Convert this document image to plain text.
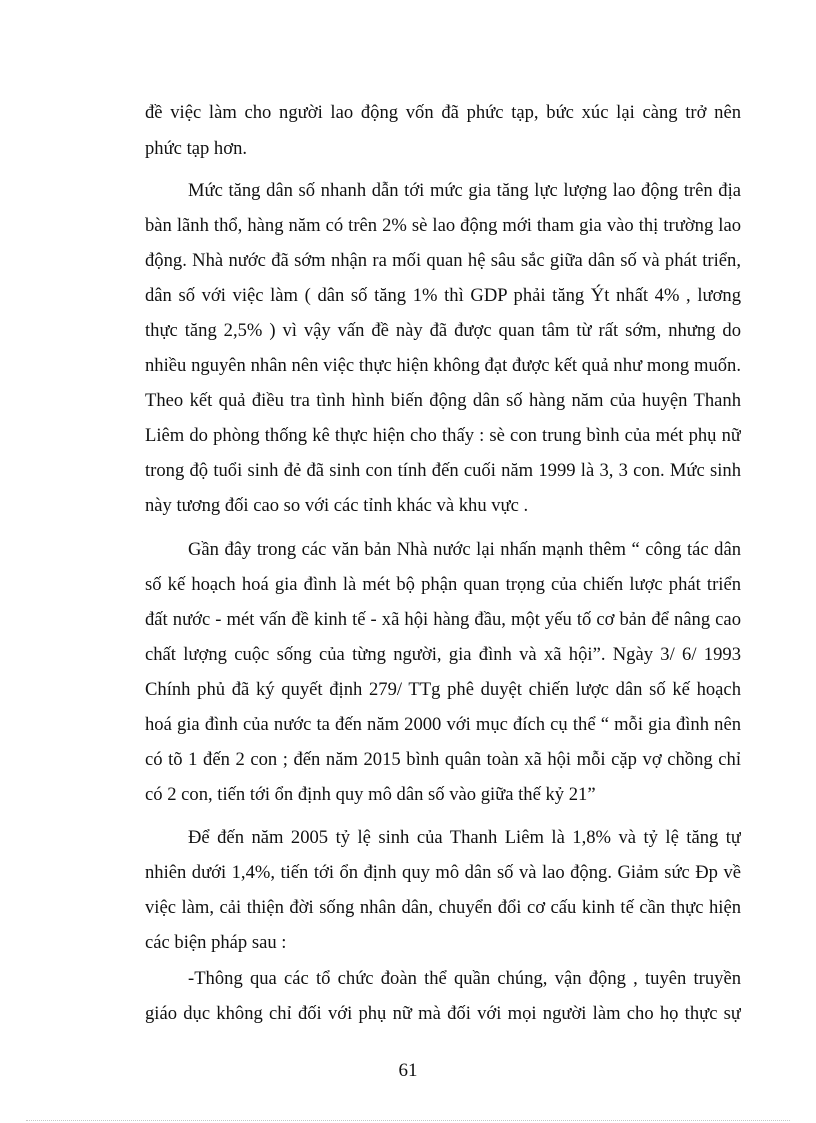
đề việc làm cho người lao động vốn đã phức tạp, bức xúc lại càng trở nên
phức tạp hơn.
Mức tăng dân số nhanh dẫn tới mức gia tăng lực lượng lao động trên địa
bàn lãnh thổ, hàng năm có trên 2% sè lao động mới tham gia vào thị trường lao
động. Nhà nước đã sớm nhận ra mối quan hệ sâu sắc giữa dân số và phát triển,
dân số với việc làm ( dân số tăng 1% thì GDP phải tăng Ýt nhất 4% , lương
thực tăng 2,5% ) vì vậy vấn đề này đã được quan tâm từ rất sớm, nhưng do
nhiều nguyên nhân nên việc thực hiện không đạt được kết quả như mong muốn.
Theo kết quả điều tra tình hình biến động dân số hàng năm của huyện Thanh
Liêm do phòng thống kê thực hiện cho thấy : sè con trung bình của mét phụ nữ
trong độ tuổi sinh đẻ đã sinh con tính đến cuối năm 1999 là 3, 3 con. Mức sinh
này tương đối cao so với các tỉnh khác và khu vực .
Gần đây trong các văn bản Nhà nước lại nhấn mạnh thêm “ công tác dân
số kế hoạch hoá gia đình là mét bộ phận quan trọng của chiến lược phát triển
đất nước - mét vấn đề kinh tế - xã hội hàng đầu, một yếu tố cơ bản để nâng cao
chất lượng cuộc sống của từng người, gia đình và xã hội”. Ngày 3/ 6/ 1993
Chính phủ đã ký quyết định 279/ TTg phê duyệt chiến lược dân số kế hoạch
hoá gia đình của nước ta đến năm 2000 với mục đích cụ thể “ mỗi gia đình nên
có tõ 1 đến 2 con ; đến năm 2015 bình quân toàn xã hội mỗi cặp vợ chồng chỉ
có 2 con, tiến tới ổn định quy mô dân số vào giữa thế kỷ 21”
Để đến năm 2005 tỷ lệ sinh của Thanh Liêm là 1,8% và tỷ lệ tăng tự
nhiên dưới 1,4%, tiến tới ổn định quy mô dân số và lao động. Giảm sức Ðp về
việc làm, cải thiện đời sống nhân dân, chuyển đổi cơ cấu kinh tế cần thực hiện
các biện pháp sau :
-Thông qua các tổ chức đoàn thể quần chúng, vận động , tuyên truyền
giáo dục không chỉ đối với phụ nữ mà đối với mọi người làm cho họ thực sự
61
